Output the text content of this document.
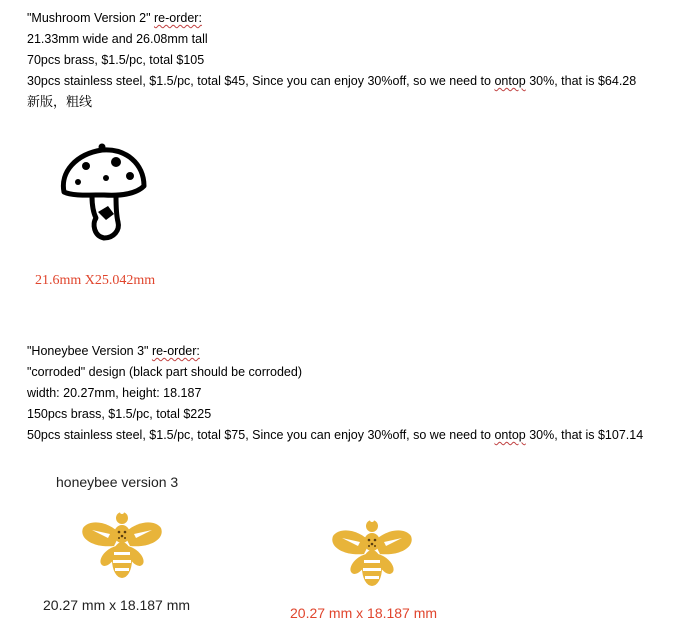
"Mushroom Version 2" re-order:
21.33mm wide and 26.08mm tall
70pcs brass, $1.5/pc, total $105
30pcs stainless steel, $1.5/pc, total $45, Since you can enjoy 30%off, so we need to ontop 30%, that is $64.28
新版，粗线
21.6mm X25.042mm
"Honeybee Version 3" re-order:
"corroded" design (black part should be corroded)
width: 20.27mm, height: 18.187
150pcs brass, $1.5/pc, total $225
50pcs stainless steel, $1.5/pc, total $75, Since you can enjoy 30%off, so we need to ontop 30%, that is $107.14
honeybee version 3
20.27 mm x 18.187 mm	20.27 mm x 18.187 mm
